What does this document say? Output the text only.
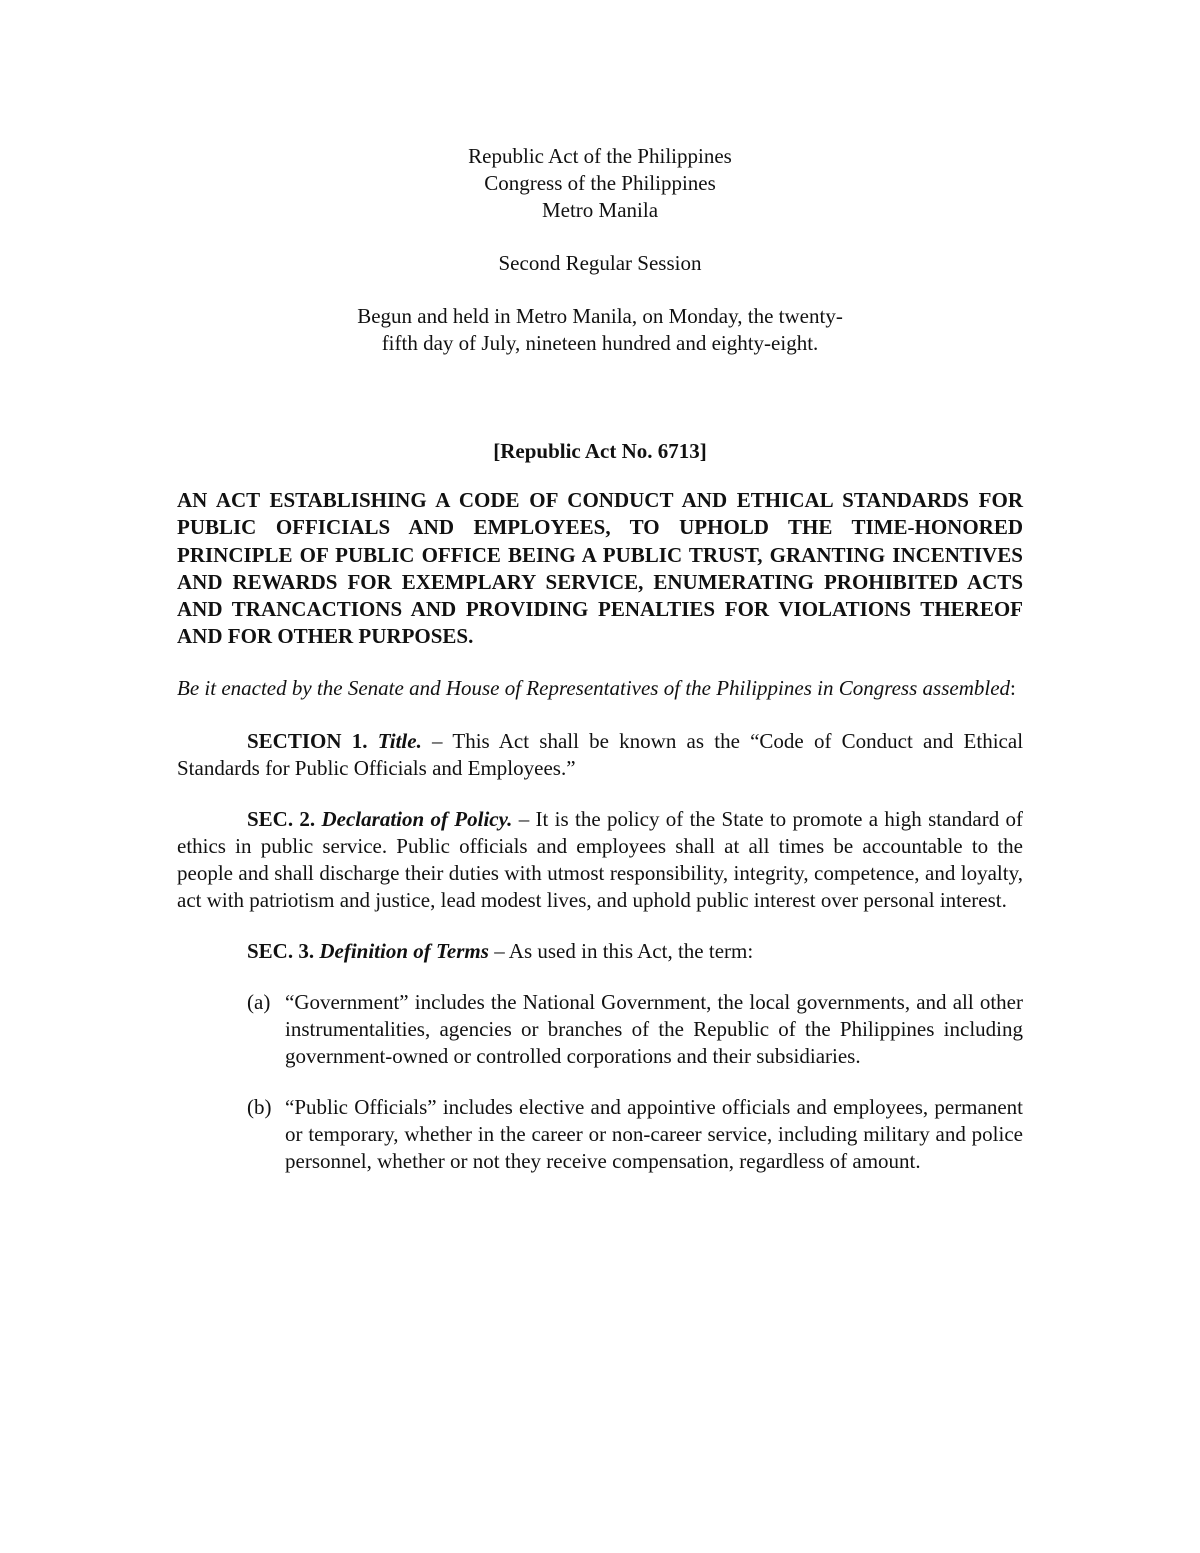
Republic Act of the Philippines
Congress of the Philippines
Metro Manila
Second Regular Session
Begun and held in Metro Manila, on Monday, the twenty-
fifth day of July, nineteen hundred and eighty-eight.

[Republic Act No. 6713]

AN ACT ESTABLISHING A CODE OF CONDUCT AND ETHICAL STANDARDS FOR PUBLIC OFFICIALS AND EMPLOYEES, TO UPHOLD THE TIME-HONORED PRINCIPLE OF PUBLIC OFFICE BEING A PUBLIC TRUST, GRANTING INCENTIVES AND REWARDS FOR EXEMPLARY SERVICE, ENUMERATING PROHIBITED ACTS AND TRANCACTIONS AND PROVIDING PENALTIES FOR VIOLATIONS THEREOF AND FOR OTHER PURPOSES.

Be it enacted by the Senate and House of Representatives of the Philippines in Congress assembled:

SECTION 1. Title. – This Act shall be known as the “Code of Conduct and Ethical Standards for Public Officials and Employees.”

SEC. 2. Declaration of Policy. – It is the policy of the State to promote a high standard of ethics in public service. Public officials and employees shall at all times be accountable to the people and shall discharge their duties with utmost responsibility, integrity, competence, and loyalty, act with patriotism and justice, lead modest lives, and uphold public interest over personal interest.

SEC. 3. Definition of Terms – As used in this Act, the term:

(a) “Government” includes the National Government, the local governments, and all other instrumentalities, agencies or branches of the Republic of the Philippines including government-owned or controlled corporations and their subsidiaries.
(b) “Public Officials” includes elective and appointive officials and employees, permanent or temporary, whether in the career or non-career service, including military and police personnel, whether or not they receive compensation, regardless of amount.
